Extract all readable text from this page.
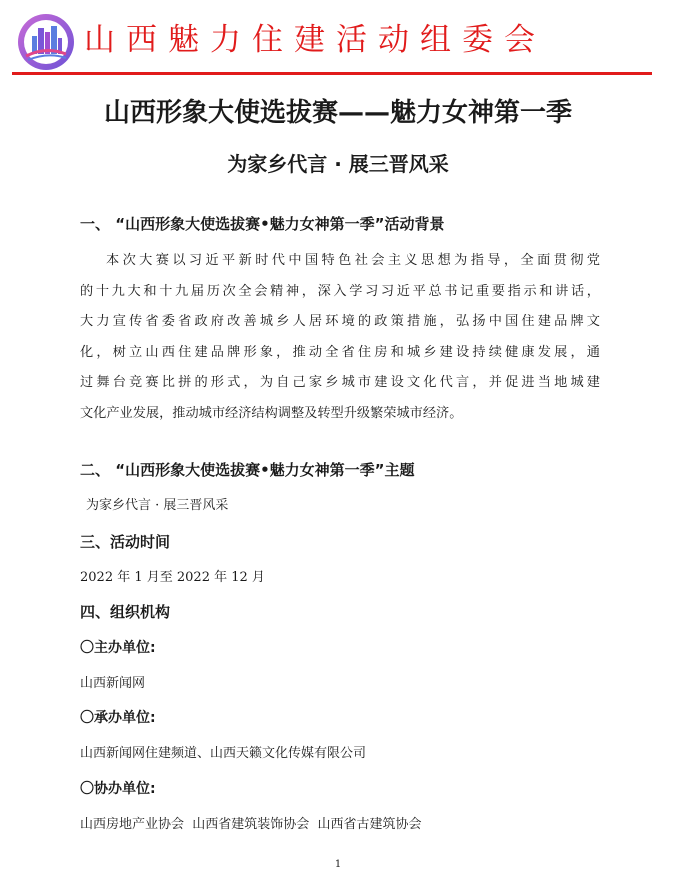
山西魅力住建活动组委会
山西形象大使选拔赛——魅力女神第一季
为家乡代言 · 展三晋风采
一、 “山西形象大使选拔赛•魅力女神第一季”活动背景
本次大赛以习近平新时代中国特色社会主义思想为指导，全面贯彻党
的十九大和十九届历次全会精神，深入学习习近平总书记重要指示和讲话，
大力宣传省委省政府改善城乡人居环境的政策措施，弘扬中国住建品牌文
化，树立山西住建品牌形象，推动全省住房和城乡建设持续健康发展，通
过舞台竞赛比拼的形式，为自己家乡城市建设文化代言，并促进当地城建
文化产业发展，推动城市经济结构调整及转型升级繁荣城市经济。
二、 “山西形象大使选拔赛•魅力女神第一季”主题
为家乡代言 · 展三晋风采
三、活动时间
2022 年 1 月至 2022 年 12 月
四、组织机构
〇主办单位:
山西新闻网
〇承办单位:
山西新闻网住建频道、山西天籁文化传媒有限公司
〇协办单位:
山西房地产业协会  山西省建筑装饰协会  山西省古建筑协会
1
